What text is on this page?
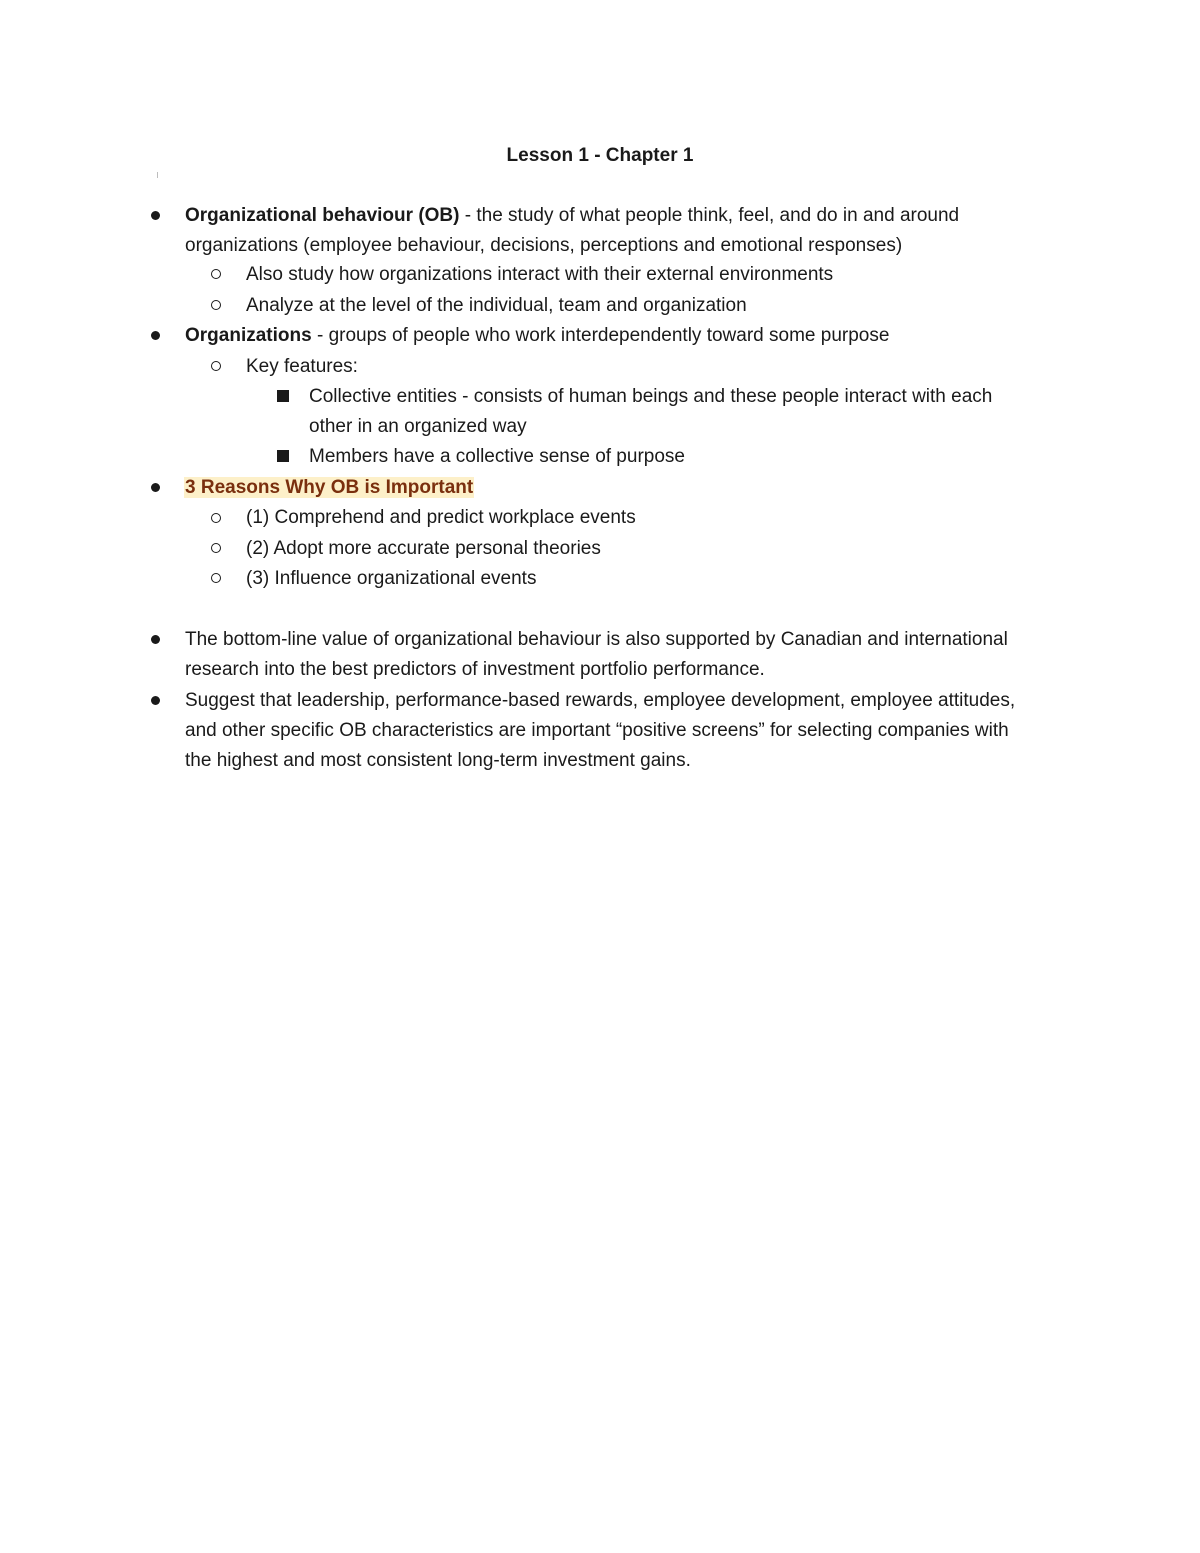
Lesson 1 - Chapter 1
Organizational behaviour (OB) - the study of what people think, feel, and do in and around
organizations (employee behaviour, decisions, perceptions and emotional responses)
Also study how organizations interact with their external environments
Analyze at the level of the individual, team and organization
Organizations - groups of people who work interdependently toward some purpose
Key features:
Collective entities - consists of human beings and these people interact with each
other in an organized way
Members have a collective sense of purpose
3 Reasons Why OB is Important
(1) Comprehend and predict workplace events
(2) Adopt more accurate personal theories
(3) Influence organizational events
The bottom-line value of organizational behaviour is also supported by Canadian and international
research into the best predictors of investment portfolio performance.
Suggest that leadership, performance-based rewards, employee development, employee attitudes,
and other specific OB characteristics are important “positive screens” for selecting companies with
the highest and most consistent long-term investment gains.
